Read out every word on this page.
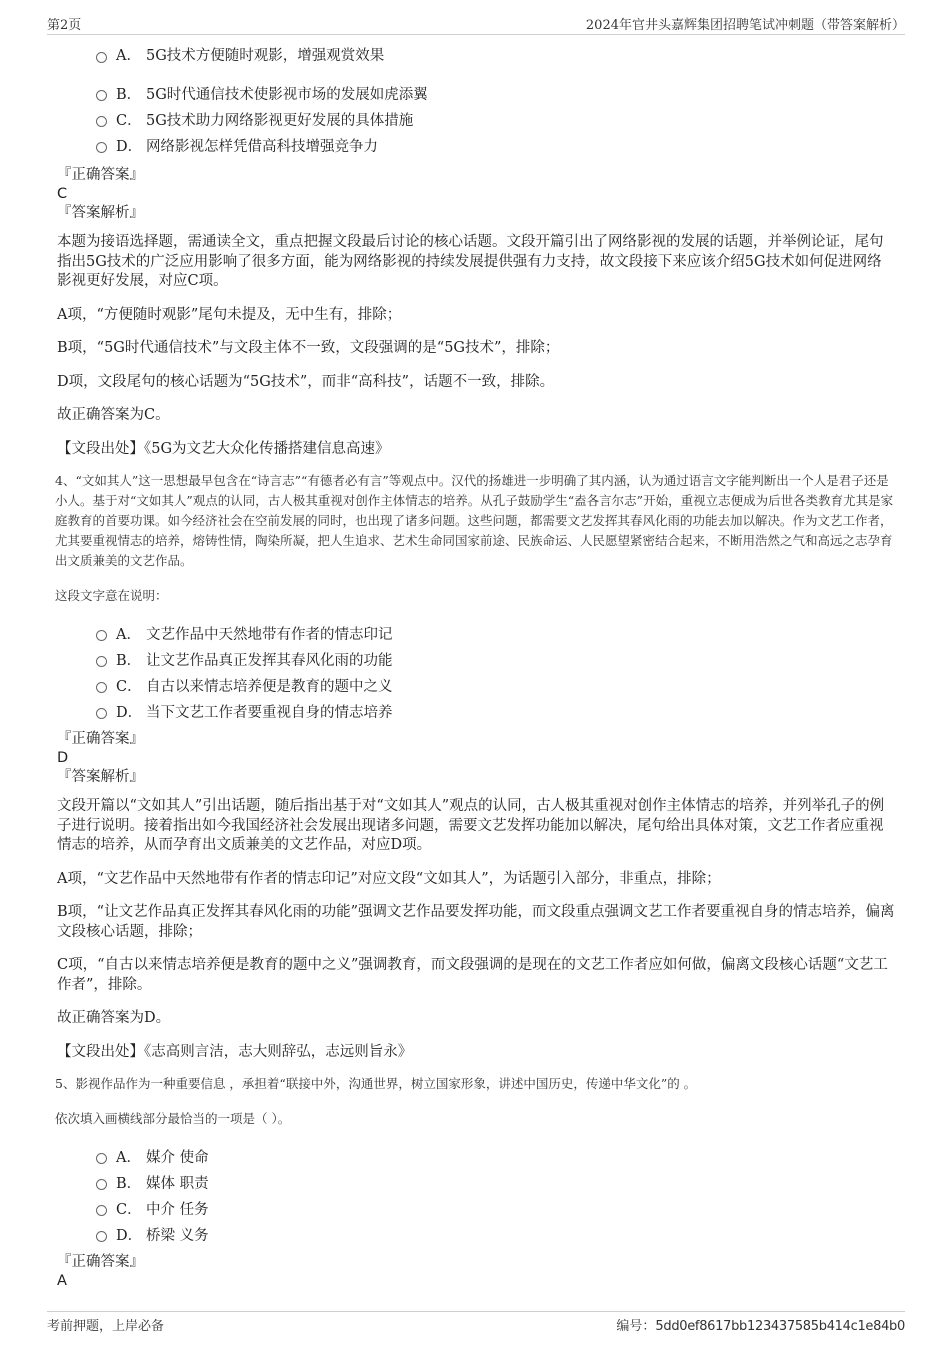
第2页	2024年官井头嘉辉集团招聘笔试冲刺题（带答案解析）
A． 5G技术方便随时观影，增强观赏效果
B． 5G时代通信技术使影视市场的发展如虎添翼
C． 5G技术助力网络影视更好发展的具体措施
D． 网络影视怎样凭借高科技增强竞争力
『正确答案』
C
『答案解析』
本题为接语选择题，需通读全文，重点把握文段最后讨论的核心话题。文段开篇引出了网络影视的发展的话题，并举例论证，尾句指出5G技术的广泛应用影响了很多方面，能为网络影视的持续发展提供强有力支持，故文段接下来应该介绍5G技术如何促进网络影视更好发展，对应C项。
A项，“方便随时观影”尾句未提及，无中生有，排除；
B项，“5G时代通信技术”与文段主体不一致，文段强调的是“5G技术”，排除；
D项，文段尾句的核心话题为“5G技术”，而非“高科技”，话题不一致，排除。
故正确答案为C。
【文段出处】《5G为文艺大众化传播搭建信息高速》
4、“文如其人”这一思想最早包含在“诗言志”“有德者必有言”等观点中。汉代的扬雄进一步明确了其内涵，认为通过语言文字能判断出一个人是君子还是小人。基于对“文如其人”观点的认同，古人极其重视对创作主体情志的培养。从孔子鼓励学生“盍各言尔志”开始，重视立志便成为后世各类教育尤其是家庭教育的首要功课。如今经济社会在空前发展的同时，也出现了诸多问题。这些问题，都需要文艺发挥其春风化雨的功能去加以解决。作为文艺工作者，尤其要重视情志的培养，熔铸性情，陶染所凝，把人生追求、艺术生命同国家前途、民族命运、人民愿望紧密结合起来，不断用浩然之气和高远之志孕育出文质兼美的文艺作品。
这段文字意在说明：
A． 文艺作品中天然地带有作者的情志印记
B． 让文艺作品真正发挥其春风化雨的功能
C． 自古以来情志培养便是教育的题中之义
D． 当下文艺工作者要重视自身的情志培养
『正确答案』
D
『答案解析』
文段开篇以“文如其人”引出话题，随后指出基于对“文如其人”观点的认同，古人极其重视对创作主体情志的培养，并列举孔子的例子进行说明。接着指出如今我国经济社会发展出现诸多问题，需要文艺发挥功能加以解决，尾句给出具体对策，文艺工作者应重视情志的培养，从而孕育出文质兼美的文艺作品，对应D项。
A项，“文艺作品中天然地带有作者的情志印记”对应文段“文如其人”，为话题引入部分，非重点，排除；
B项，“让文艺作品真正发挥其春风化雨的功能”强调文艺作品要发挥功能，而文段重点强调文艺工作者要重视自身的情志培养，偏离文段核心话题，排除；
C项，“自古以来情志培养便是教育的题中之义”强调教育，而文段强调的是现在的文艺工作者应如何做，偏离文段核心话题“文艺工作者”，排除。
故正确答案为D。
【文段出处】《志高则言洁，志大则辞弘，志远则旨永》
5、影视作品作为一种重要信息 ，承担着“联接中外，沟通世界，树立国家形象，讲述中国历史，传递中华文化”的 。
依次填入画横线部分最恰当的一项是（ ）。
A． 媒介 使命
B． 媒体 职责
C． 中介 任务
D． 桥梁 义务
『正确答案』
A
考前押题，上岸必备	编号：5dd0ef8617bb123437585b414c1e84b0
